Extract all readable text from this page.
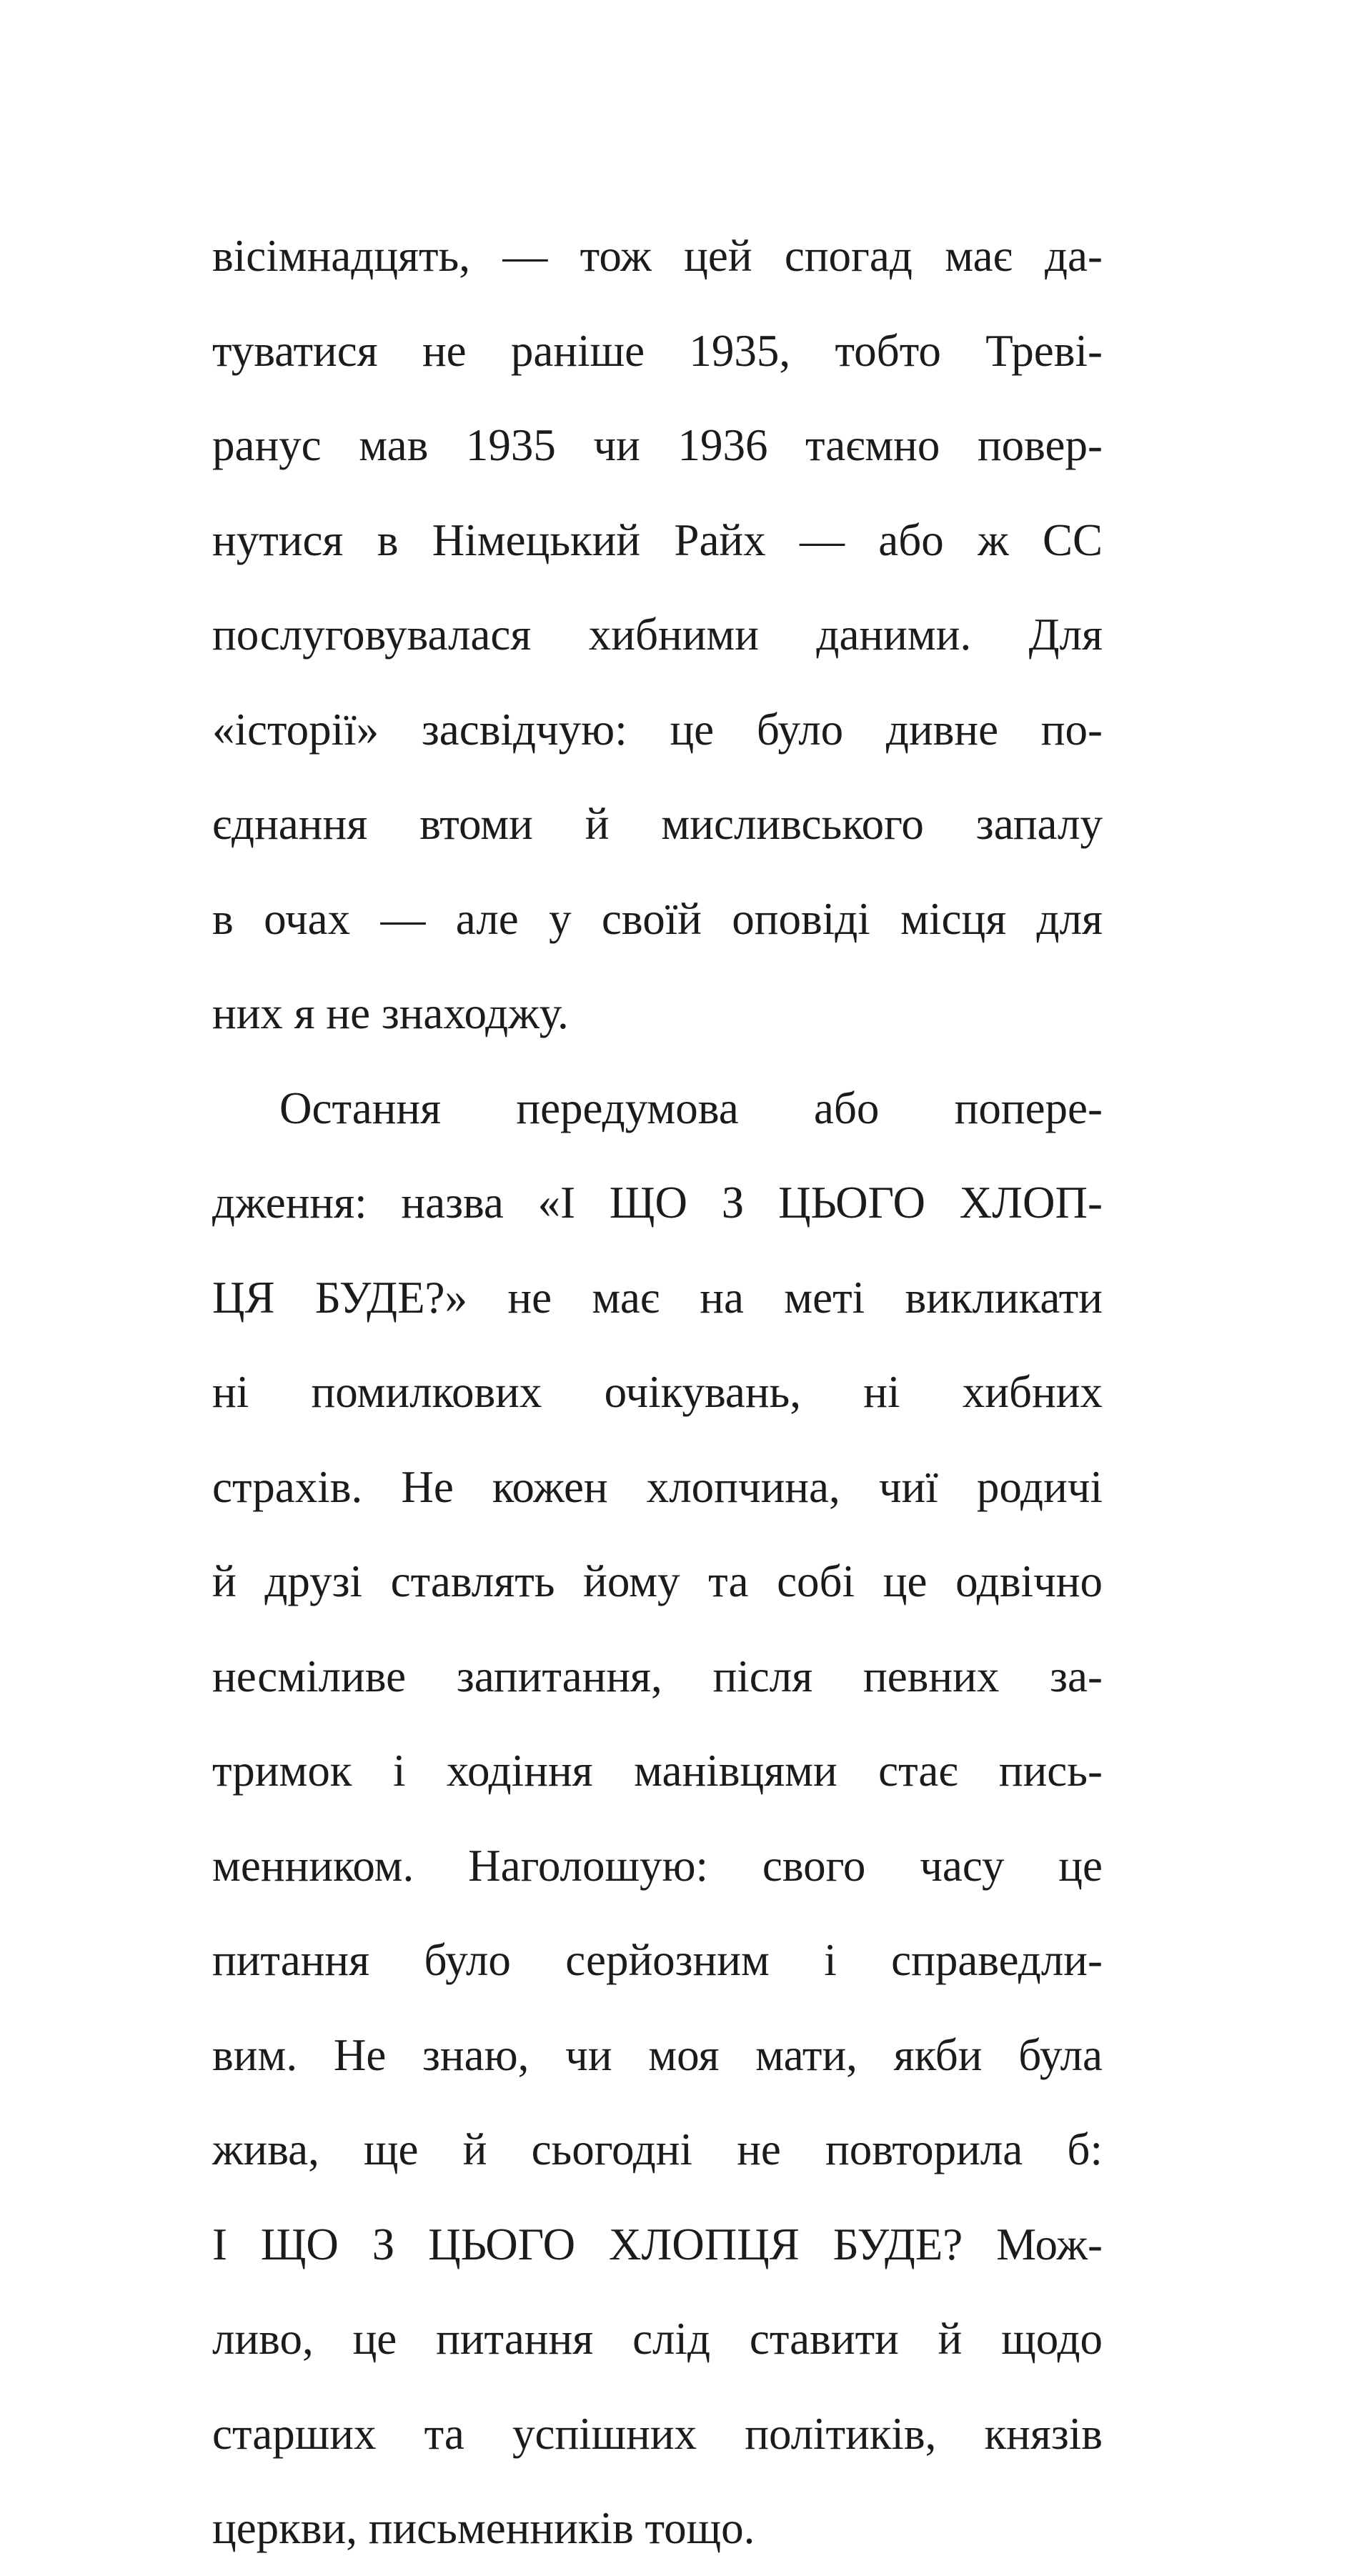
вісімнадцять, — тож цей спогад має да-
туватися не раніше 1935, тобто Треві-
ранус мав 1935 чи 1936 таємно повер-
нутися в Німецький Райх — або ж СС
послуговувалася хибними даними. Для
«історії» засвідчую: це було дивне по-
єднання втоми й мисливського запалу
в очах — але у своїй оповіді місця для
них я не знаходжу.
Остання передумова або попере-
дження: назва «І ЩО З ЦЬОГО ХЛОП-
ЦЯ БУДЕ?» не має на меті викликати
ні помилкових очікувань, ні хибних
страхів. Не кожен хлопчина, чиї родичі
й друзі ставлять йому та собі це одвічно
несміливе запитання, після певних за-
тримок і ходіння манівцями стає пись-
менником. Наголошую: свого часу це
питання було серйозним і справедли-
вим. Не знаю, чи моя мати, якби була
жива, ще й сьогодні не повторила б:
І ЩО З ЦЬОГО ХЛОПЦЯ БУДЕ? Мож-
ливо, це питання слід ставити й щодо
старших та успішних політиків, князів
церкви, письменників тощо.
